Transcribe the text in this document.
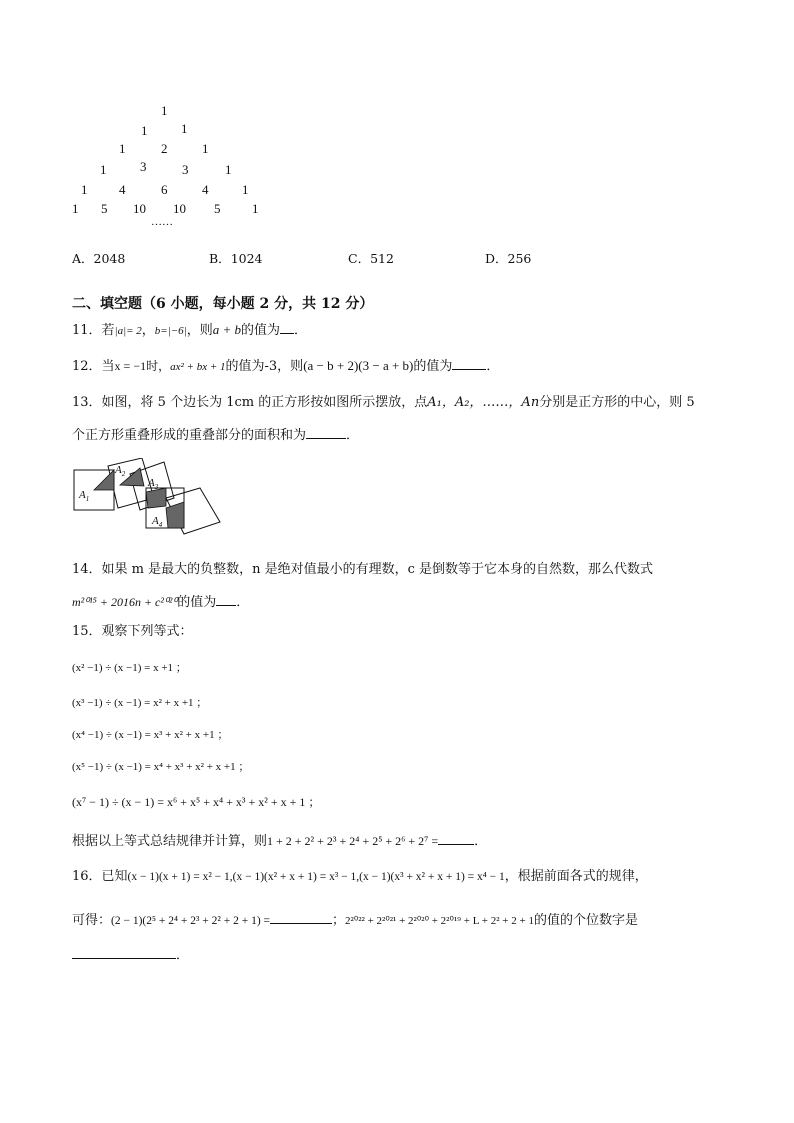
1
1	1
1	2	1
1	3	3	1
1 4	6	4	1
1 5 10 10 5 1
……
A．2048	B．1024	C．512	D．256
二、填空题（6 小题，每小题 2 分，共 12 分）
11．若|a|= 2，b=|−6|，则a + b的值为 ．
12．当x = −1时，ax² + bx + 1的值为-3，则(a − b + 2)(3 − a + b)的值为	．
13．如图，将 5 个边长为 1cm 的正方形按如图所示摆放，点A₁，A₂，……，An分别是正方形的中心，则 5
个正方形重叠形成的重叠部分的面积和为	．
$A_1$
$A_2$
$A_3$
$A_4$
14．如果 m 是最大的负整数，n 是绝对值最小的有理数，c 是倒数等于它本身的自然数，那么代数式
m²⁰¹⁵ + 2016n + c²⁰²⁰的值为 ．
15．观察下列等式：
(x² −1) ÷ (x −1) = x +1 ；
(x³ −1) ÷ (x −1) = x² + x +1 ；
(x⁴ −1) ÷ (x −1) = x³ + x² + x +1 ；
(x⁵ −1) ÷ (x −1) = x⁴ + x³ + x² + x +1 ；
(x⁷ − 1) ÷ (x − 1) = x⁶ + x⁵ + x⁴ + x³ + x² + x + 1 ；
根据以上等式总结规律并计算，则1 + 2 + 2² + 2³ + 2⁴ + 2⁵ + 2⁶ + 2⁷ =	．
16．已知(x − 1)(x + 1) = x² − 1,(x − 1)(x² + x + 1) = x³ − 1,(x − 1)(x³ + x² + x + 1) = x⁴ − 1，根据前面各式的规律，
可得：(2 − 1)(2⁵ + 2⁴ + 2³ + 2² + 2 + 1) =	；2²⁰²² + 2²⁰²¹ + 2²⁰²⁰ + 2²⁰¹⁹ + L + 2² + 2 + 1的值的个位数字是
．
